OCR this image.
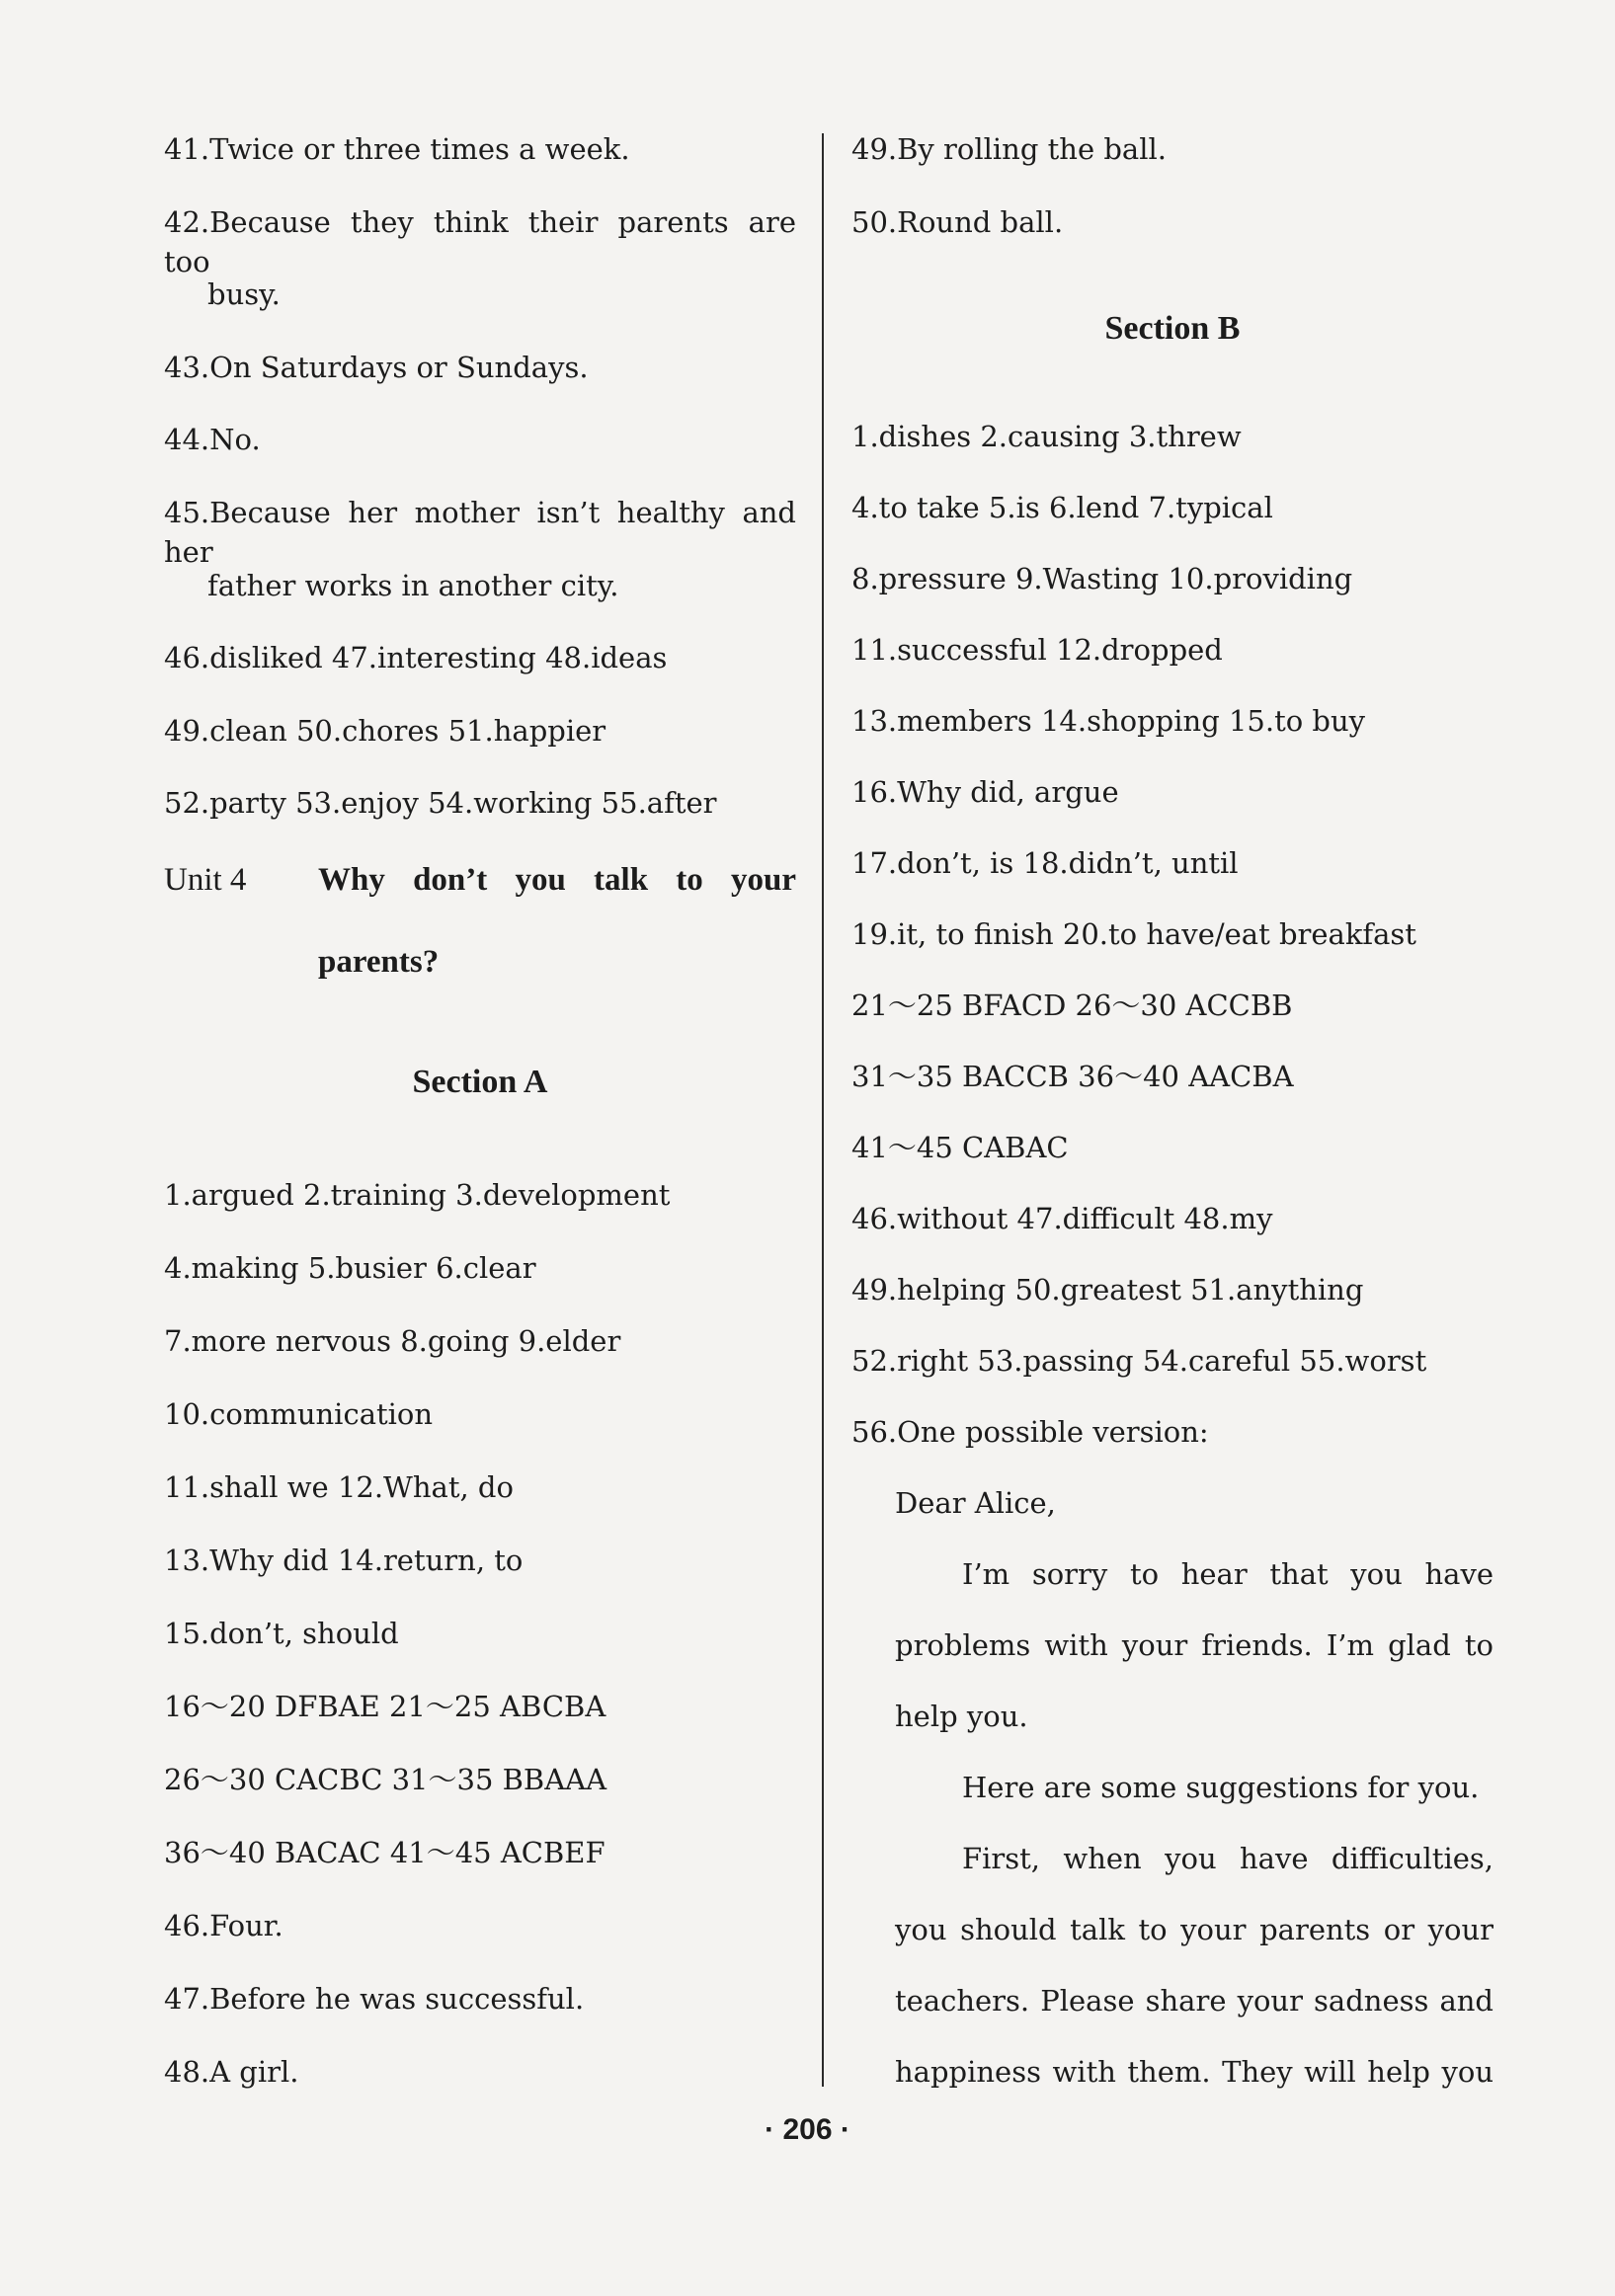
41.Twice or three times a week.
42.Because they think their parents are too
busy.
43.On Saturdays or Sundays.
44.No.
45.Because her mother isn’t healthy and her
father works in another city.
46.disliked 47.interesting 48.ideas
49.clean 50.chores 51.happier
52.party 53.enjoy 54.working 55.after
Unit 4 Why don’t you talk to your
parents?
Section A
1.argued 2.training 3.development
4.making 5.busier 6.clear
7.more nervous 8.going 9.elder
10.communication
11.shall we 12.What, do
13.Why did 14.return, to
15.don’t, should
16～20 DFBAE 21～25 ABCBA
26～30 CACBC 31～35 BBAAA
36～40 BACAC 41～45 ACBEF
46.Four.
47.Before he was successful.
48.A girl.
49.By rolling the ball.
50.Round ball.
Section B
1.dishes 2.causing 3.threw
4.to take 5.is 6.lend 7.typical
8.pressure 9.Wasting 10.providing
11.successful 12.dropped
13.members 14.shopping 15.to buy
16.Why did, argue
17.don’t, is 18.didn’t, until
19.it, to finish 20.to have/eat breakfast
21～25 BFACD 26～30 ACCBB
31～35 BACCB 36～40 AACBA
41～45 CABAC
46.without 47.difficult 48.my
49.helping 50.greatest 51.anything
52.right 53.passing 54.careful 55.worst
56.One possible version:
Dear Alice,
I’m sorry to hear that you have
problems with your friends. I’m glad to
help you.
Here are some suggestions for you.
First, when you have difficulties,
you should talk to your parents or your
teachers. Please share your sadness and
happiness with them. They will help you
· 206 ·
